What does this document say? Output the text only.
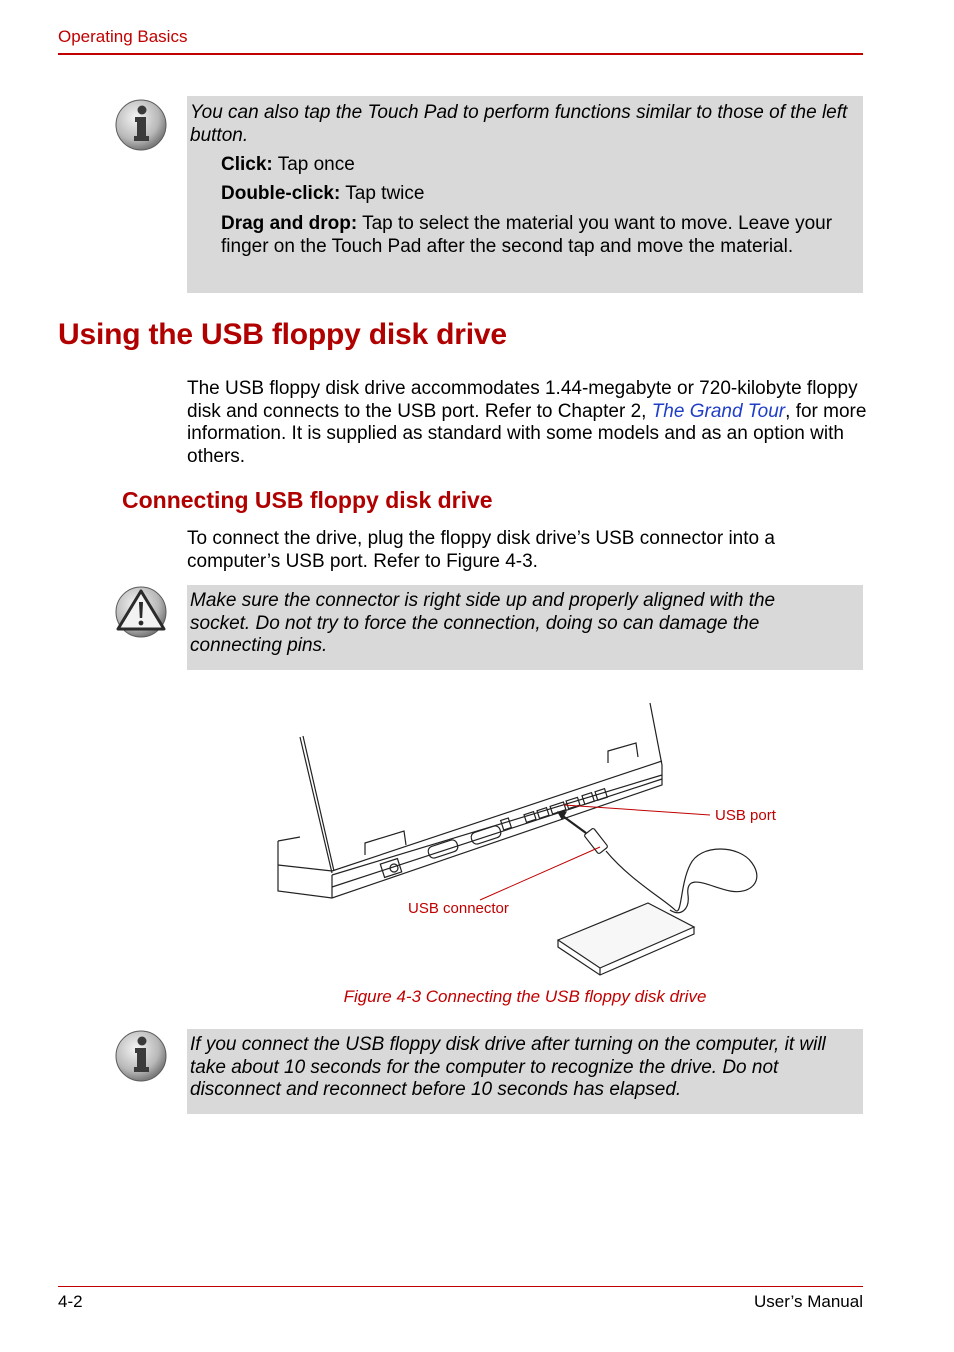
Operating Basics
You can also tap the Touch Pad to perform functions similar to those of the left button.
Click: Tap once
Double-click: Tap twice
Drag and drop: Tap to select the material you want to move. Leave your finger on the Touch Pad after the second tap and move the material.
Using the USB floppy disk drive
The USB floppy disk drive accommodates 1.44-megabyte or 720-kilobyte floppy disk and connects to the USB port. Refer to Chapter 2, The Grand Tour, for more information. It is supplied as standard with some models and as an option with others.
Connecting USB floppy disk drive
To connect the drive, plug the floppy disk drive’s USB connector into a computer’s USB port. Refer to Figure 4-3.
Make sure the connector is right side up and properly aligned with the socket. Do not try to force the connection, doing so can damage the connecting pins.
USB port
USB connector
Figure 4-3 Connecting the USB floppy disk drive
If you connect the USB floppy disk drive after turning on the computer, it will take about 10 seconds for the computer to recognize the drive. Do not disconnect and reconnect before 10 seconds has elapsed.
4-2	User’s Manual
